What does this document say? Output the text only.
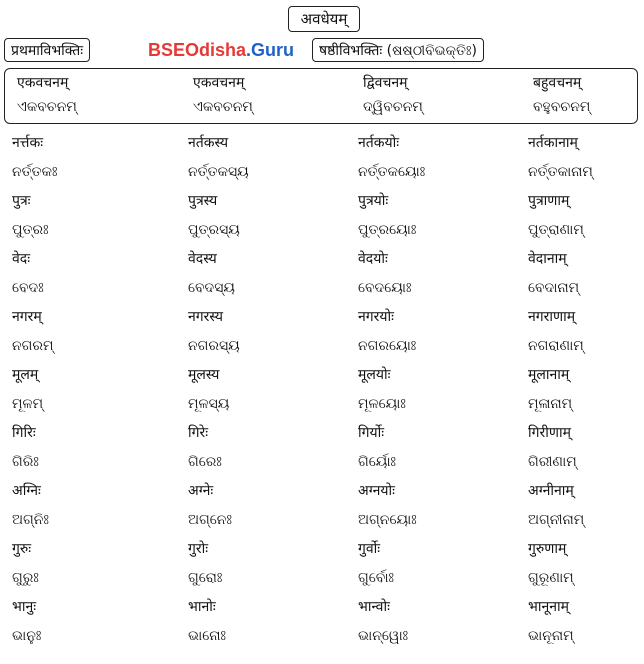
अवधेयम्
प्रथमाविभक्तिः	BSEOdisha .Guru षष्ठीविभक्तिः (ଷଷ୍ଠୀବିଭକ୍ତିଃ)
एकवचनम्	एकवचनम्	द्विवचनम्	बहुवचनम्
ଏକବଚନମ୍	ଏକବଚନମ୍	ଦ୍ୱିବଚନମ୍	ବହୁବଚନମ୍
नर्त्तकः	नर्तकस्य	नर्तकयोः	नर्तकानाम्
ନର୍ତ୍ତକଃ	ନର୍ତ୍ତକସ୍ୟ	ନର୍ତ୍ତକୟୋଃ	ନର୍ତ୍ତକାନାମ୍
पुत्रः	पुत्रस्य	पुत्रयोः	पुत्राणाम्
ପୁତ୍ରଃ	ପୁତ୍ରସ୍ୟ	ପୁତ୍ରୟୋଃ	ପୁତ୍ରାଣାମ୍
वेदः	वेदस्य	वेदयोः	वेदानाम्
ବେଦଃ	ବେଦସ୍ୟ	ବେଦୟୋଃ	ବେଦାନାମ୍
नगरम्	नगरस्य	नगरयोः	नगराणाम्
ନଗରମ୍	ନଗରସ୍ୟ	ନଗରୟୋଃ	ନଗରାଣାମ୍
मूलम्	मूलस्य	मूलयोः	मूलानाम्
ମୂଳମ୍	ମୂଳସ୍ୟ	ମୂଳୟୋଃ	ମୂଳାନାମ୍
गिरिः	गिरेः	गिर्योः	गिरीणाम्
ଗିରିଃ	ଗିରେଃ	ଗିର୍ୟୋଃ	ଗିରୀଣାମ୍
अग्निः	अग्नेः	अग्नयोः	अग्नीनाम्
ଅଗ୍ନିଃ	ଅଗ୍ନେଃ	ଅଗ୍ନୟୋଃ	ଅଗ୍ନୀନାମ୍
गुरुः	गुरोः	गुर्वोः	गुरुणाम्
ଗୁରୁଃ	ଗୁରୋଃ	ଗୁର୍ବୋଃ	ଗୁରୂଣାମ୍
भानुः	भानोः	भान्वोः	भानूनाम्
ଭାନୁଃ	ଭାନୋଃ	ଭାନ୍ୱୋଃ	ଭାନୂନାମ୍
